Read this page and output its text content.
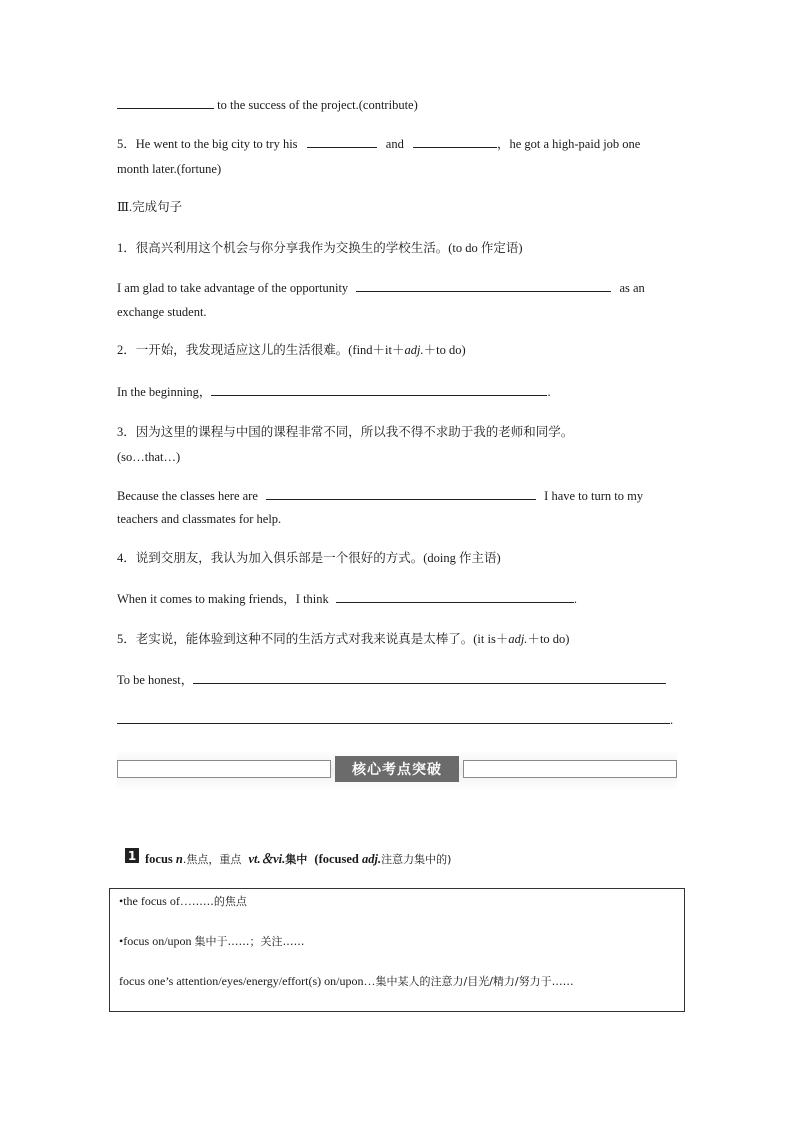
to the success of the project.(contribute)
5．He went to the big city to try his	and	，he got a high-paid job one
month later.(fortune)
Ⅲ.完成句子
1．很高兴利用这个机会与你分享我作为交换生的学校生活。(to do 作定语)
I am glad to take advantage of the opportunity	as an
exchange student.
2．一开始，我发现适应这儿的生活很难。(find＋it＋adj.＋to do)
In the beginning，	.
3．因为这里的课程与中国的课程非常不同，所以我不得不求助于我的老师和同学。
(so…that…)
Because the classes here are	I have to turn to my
teachers and classmates for help.
4．说到交朋友，我认为加入俱乐部是一个很好的方式。(doing 作主语)
When it comes to making friends，I think	.
5．老实说，能体验到这种不同的生活方式对我来说真是太棒了。(it is＋adj.＋to do)
To be honest，
.
核心考点突破
1 focus n.焦点，重点 vt.＆vi.集中 (focused adj.注意力集中的)
•the focus of………的焦点
•focus on/upon 集中于……；关注……
focus one’s attention/eyes/energy/effort(s) on/upon…集中某人的注意力/目光/精力/努力于……
